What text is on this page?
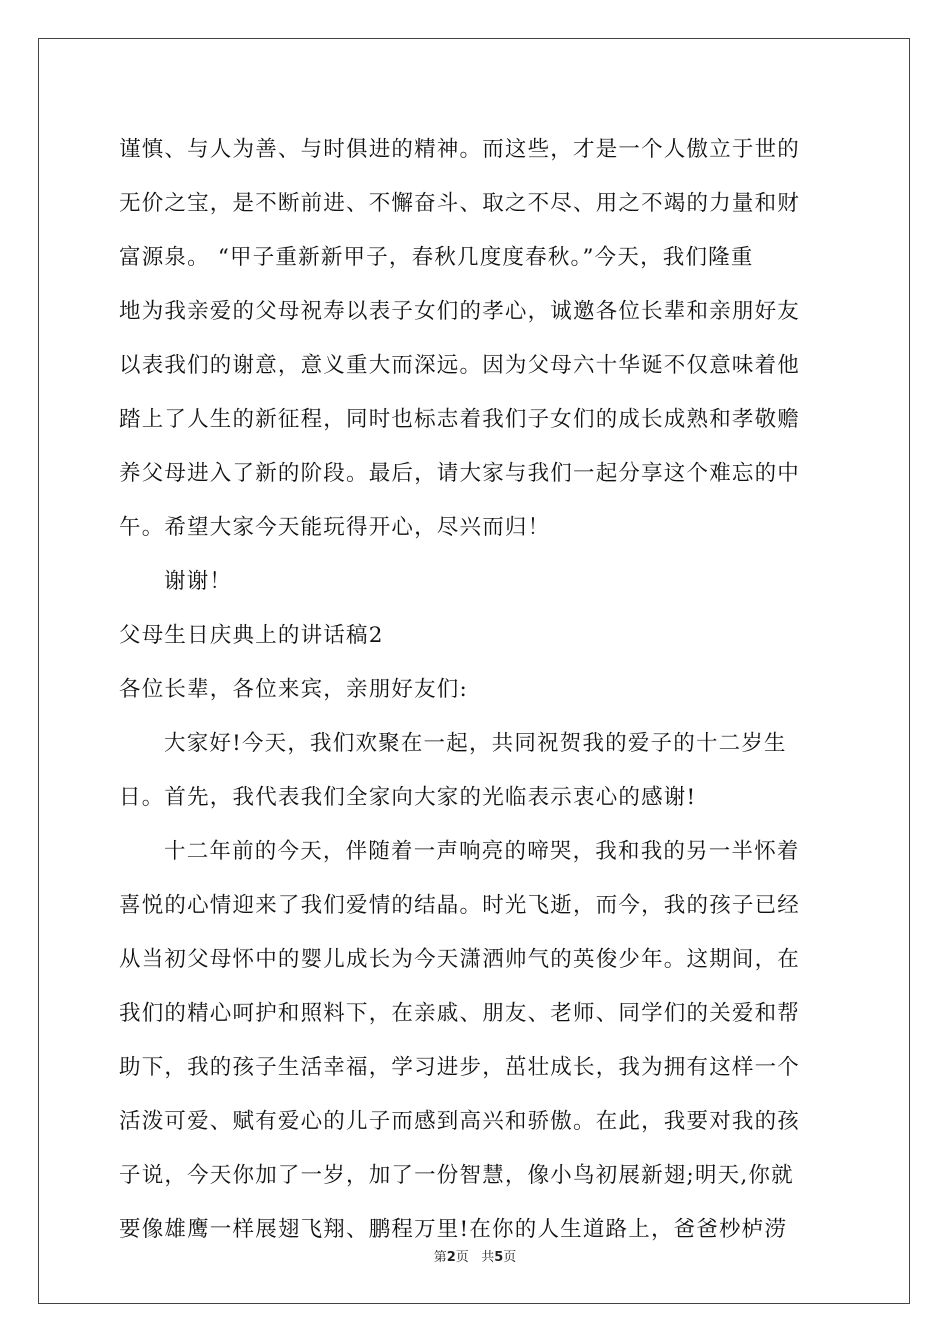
谨慎、与人为善、与时俱进的精神。而这些，才是一个人傲立于世的
无价之宝，是不断前进、不懈奋斗、取之不尽、用之不竭的力量和财
富源泉。 “甲子重新新甲子，春秋几度度春秋。”今天，我们隆重
地为我亲爱的父母祝寿以表子女们的孝心，诚邀各位长辈和亲朋好友
以表我们的谢意，意义重大而深远。因为父母六十华诞不仅意味着他
踏上了人生的新征程，同时也标志着我们子女们的成长成熟和孝敬赡
养父母进入了新的阶段。最后，请大家与我们一起分享这个难忘的中
午。希望大家今天能玩得开心，尽兴而归！
谢谢！
父母生日庆典上的讲话稿2
各位长辈，各位来宾，亲朋好友们:
大家好!今天，我们欢聚在一起，共同祝贺我的爱子的十二岁生
日。首先，我代表我们全家向大家的光临表示衷心的感谢!
十二年前的今天，伴随着一声响亮的啼哭，我和我的另一半怀着
喜悦的心情迎来了我们爱情的结晶。时光飞逝，而今，我的孩子已经
从当初父母怀中的婴儿成长为今天潇洒帅气的英俊少年。这期间，在
我们的精心呵护和照料下，在亲戚、朋友、老师、同学们的关爱和帮
助下，我的孩子生活幸福，学习进步，茁壮成长，我为拥有这样一个
活泼可爱、赋有爱心的儿子而感到高兴和骄傲。在此，我要对我的孩
子说，今天你加了一岁，加了一份智慧，像小鸟初展新翅;明天,你就
要像雄鹰一样展翅飞翔、鹏程万里!在你的人生道路上，爸爸杪栌涝
第2页 共5页
